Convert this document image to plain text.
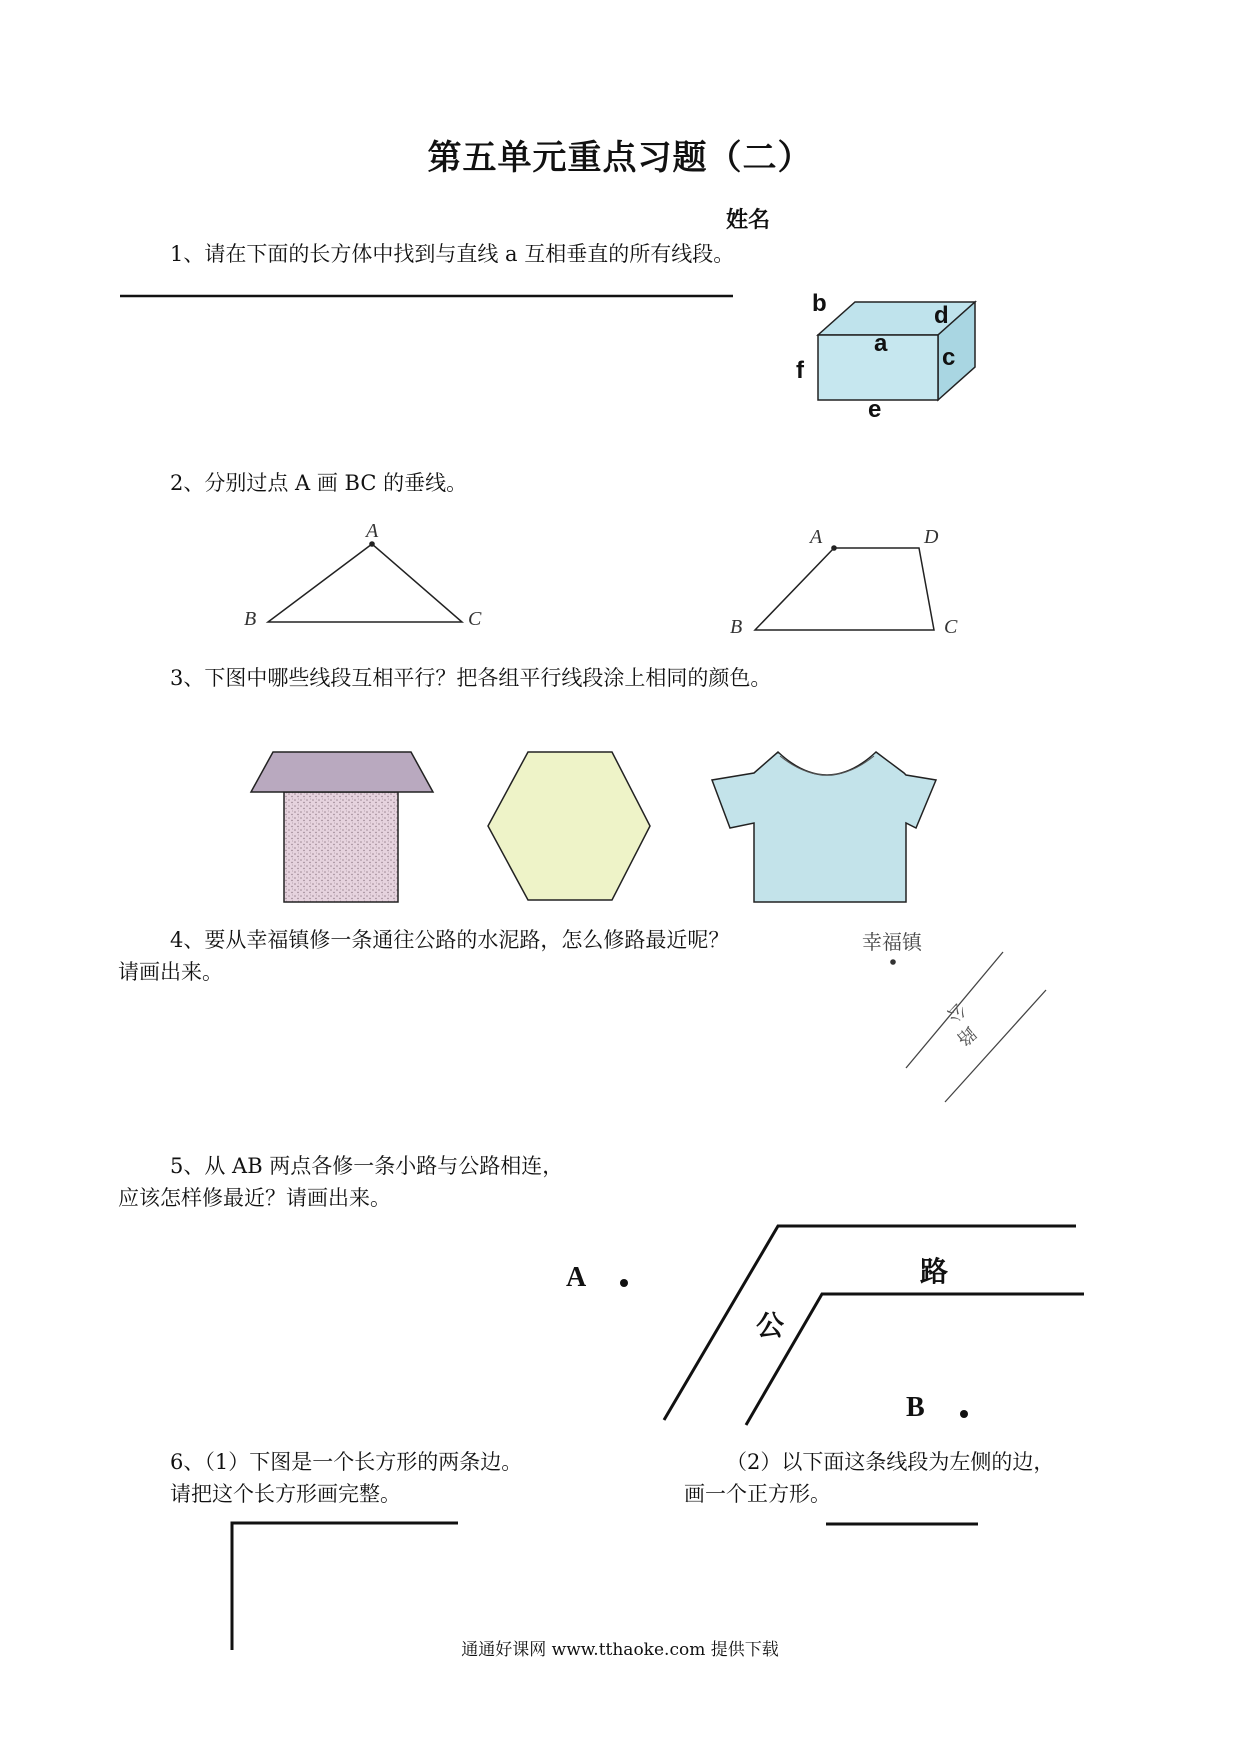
第五单元重点习题（二）
姓名
1、请在下面的长方体中找到与直线 a 互相垂直的所有线段。
b	d
a
c
f
e
2、分别过点 A 画 BC 的垂线。
A
B	C
A	D
B	C
3、下图中哪些线段互相平行？把各组平行线段涂上相同的颜色。
4、要从幸福镇修一条通往公路的水泥路，怎么修路最近呢？
请画出来。
幸福镇
公
路
5、从 AB 两点各修一条小路与公路相连，
应该怎样修最近？请画出来。
A
B
路
公
6、（1）下图是一个长方形的两条边。
请把这个长方形画完整。
（2）以下面这条线段为左侧的边，
画一个正方形。
通通好课网 www.tthaoke.com 提供下载
